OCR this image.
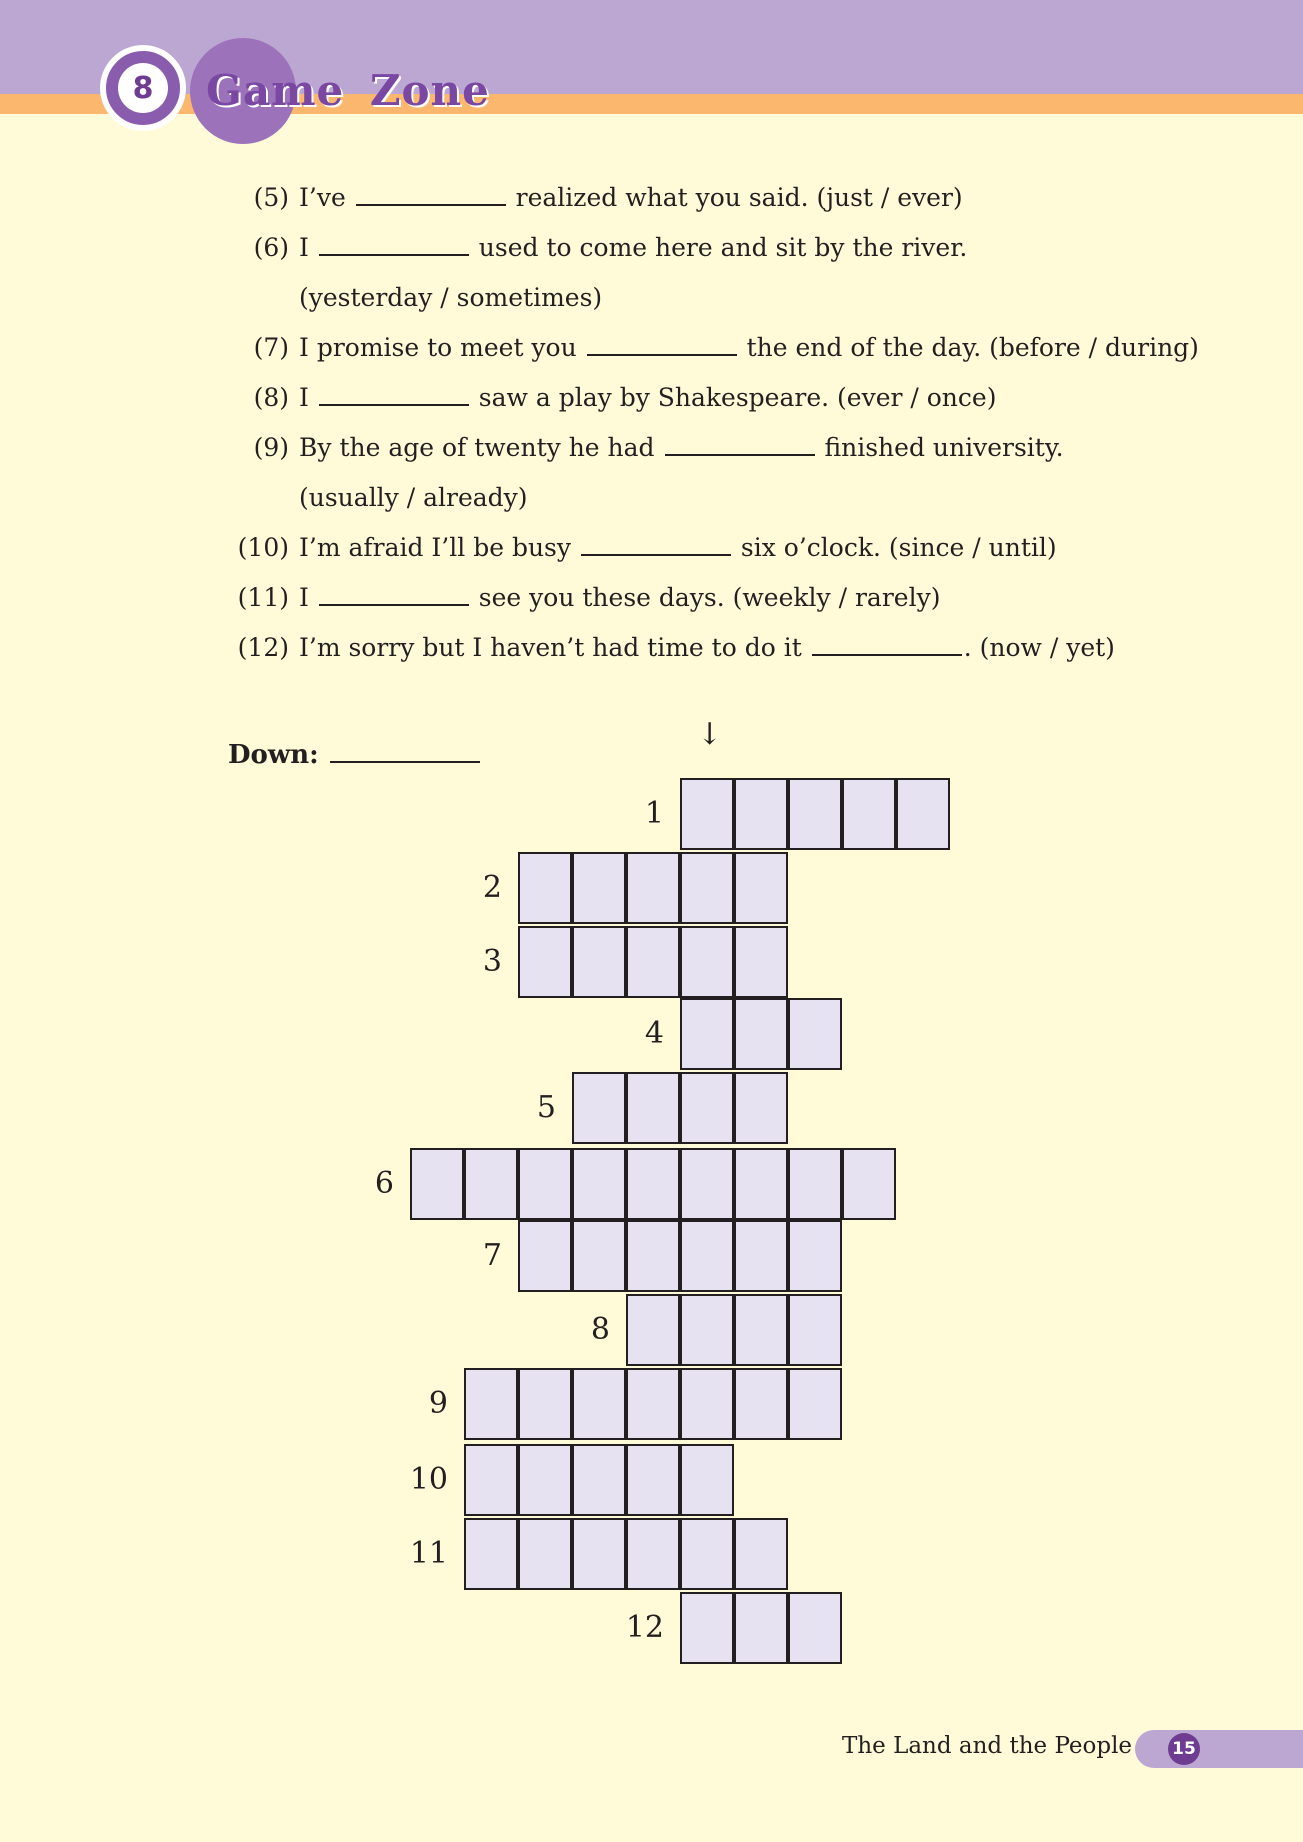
8	Game Zone
(5) I’ve	realized what you said. (just / ever)
(6) I	used to come here and sit by the river.
(yesterday / sometimes)
(7) I promise to meet you	the end of the day. (before / during)
(8) I	saw a play by Shakespeare. (ever / once)
(9) By the age of twenty he had	finished university.
(usually / already)
(10) I’m afraid I’ll be busy	six o’clock. (since / until)
(11) I	see you these days. (weekly / rarely)
(12) I’m sorry but I haven’t had time to do it	. (now / yet)
Down:
↓
1
2
3
4
5
6
7
8
9
10
11
12
The Land and the People 15
